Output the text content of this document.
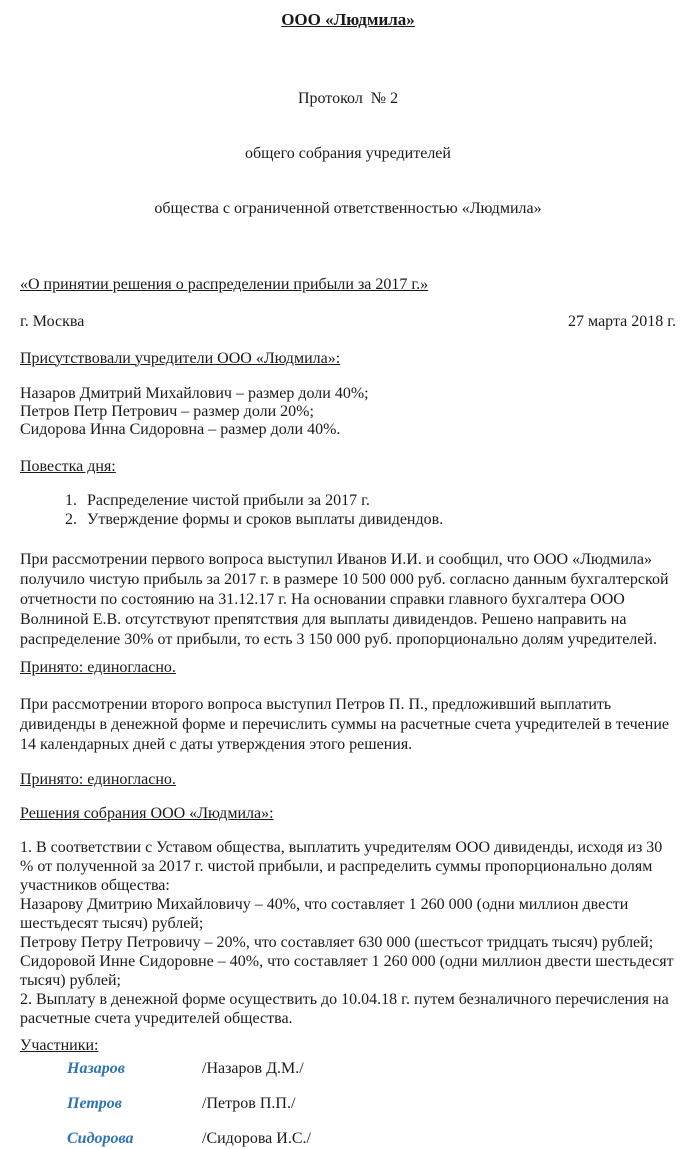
ООО «Людмила»

Протокол  № 2

общего собрания учредителей

общества с ограниченной ответственностью «Людмила»

«О принятии решения о распределении прибыли за 2017 г.»
г. Москва	27 марта 2018 г.
Присутствовали учредители ООО «Людмила»:
Назаров Дмитрий Михайлович – размер доли 40%;
Петров Петр Петрович – размер доли 20%;
Сидорова Инна Сидоровна – размер доли 40%.
Повестка дня:
1. Распределение чистой прибыли за 2017 г.
2. Утверждение формы и сроков выплаты дивидендов.

При рассмотрении первого вопроса выступил Иванов И.И. и сообщил, что ООО «Людмила» получило чистую прибыль за 2017 г. в размере 10 500 000 руб. согласно данным бухгалтерской отчетности по состоянию на 31.12.17 г. На основании справки главного бухгалтера ООО Волниной Е.В. отсутствуют препятствия для выплаты дивидендов. Решено направить на распределение 30% от прибыли, то есть 3 150 000 руб. пропорционально долям учредителей.

Принято: единогласно.

При рассмотрении второго вопроса выступил Петров П. П., предложивший выплатить дивиденды в денежной форме и перечислить суммы на расчетные счета учредителей в течение 14 календарных дней с даты утверждения этого решения.

Принято: единогласно.
Решения собрания ООО «Людмила»:
1. В соответствии с Уставом общества, выплатить учредителям ООО дивиденды, исходя из 30 % от полученной за 2017 г. чистой прибыли, и распределить суммы пропорционально долям участников общества:
Назарову Дмитрию Михайловичу – 40%, что составляет 1 260 000 (одни миллион двести шестьдесят тысяч) рублей;
Петрову Петру Петровичу – 20%, что составляет 630 000 (шестьсот тридцать тысяч) рублей;
Сидоровой Инне Сидоровне – 40%, что составляет 1 260 000 (одни миллион двести шестьдесят тысяч) рублей;
2. Выплату в денежной форме осуществить до 10.04.18 г. путем безналичного перечисления на расчетные счета учредителей общества.
Участники:
Назаров	/Назаров Д.М./
Петров	/Петров П.П./
Сидорова	/Сидорова И.С./
